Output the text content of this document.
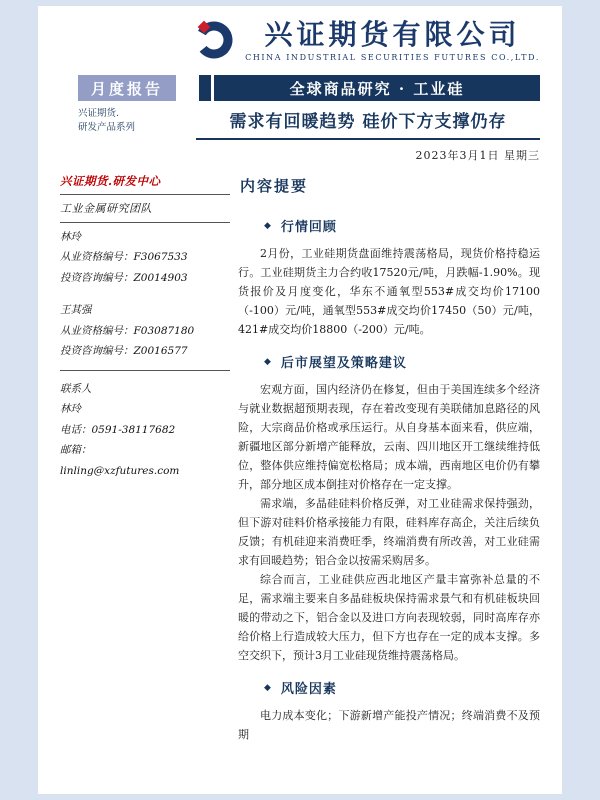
兴证期货有限公司
CHINA INDUSTRIAL SECURITIES FUTURES CO.,LTD.
月度报告	全球商品研究 · 工业硅
兴证期货.
研发产品系列	需求有回暖趋势 硅价下方支撑仍存
2023年3月1日 星期三
兴证期货.研发中心
工业金属研究团队
林玲
从业资格编号：F3067533
投资咨询编号：Z0014903
王其强
从业资格编号：F03087180
投资咨询编号：Z0016577
联系人
林玲
电话：0591-38117682
邮箱：
linling@xzfutures.com
内容提要
◆ 行情回顾

2月份，工业硅期货盘面维持震荡格局，现货价格持稳运行。工业硅期货主力合约收17520元/吨，月跌幅-1.90%。现货报价及月度变化，华东不通氧型553#成交均价17100（-100）元/吨，通氧型553#成交均价17450（50）元/吨，421#成交均价18800（-200）元/吨。

◆ 后市展望及策略建议

宏观方面，国内经济仍在修复，但由于美国连续多个经济与就业数据超预期表现，存在着改变现有美联储加息路径的风险，大宗商品价格或承压运行。从自身基本面来看，供应端，新疆地区部分新增产能释放，云南、四川地区开工继续维持低位，整体供应维持偏宽松格局；成本端，西南地区电价仍有攀升，部分地区成本倒挂对价格存在一定支撑。

需求端，多晶硅硅料价格反弹，对工业硅需求保持强劲，但下游对硅料价格承接能力有限，硅料库存高企，关注后续负反馈；有机硅迎来消费旺季，终端消费有所改善，对工业硅需求有回暖趋势；铝合金以按需采购居多。

综合而言，工业硅供应西北地区产量丰富弥补总量的不足，需求端主要来自多晶硅板块保持需求景气和有机硅板块回暖的带动之下，铝合金以及进口方向表现较弱，同时高库存亦给价格上行造成较大压力，但下方也存在一定的成本支撑。多空交织下，预计3月工业硅现货维持震荡格局。

◆ 风险因素

电力成本变化；下游新增产能投产情况；终端消费不及预期
